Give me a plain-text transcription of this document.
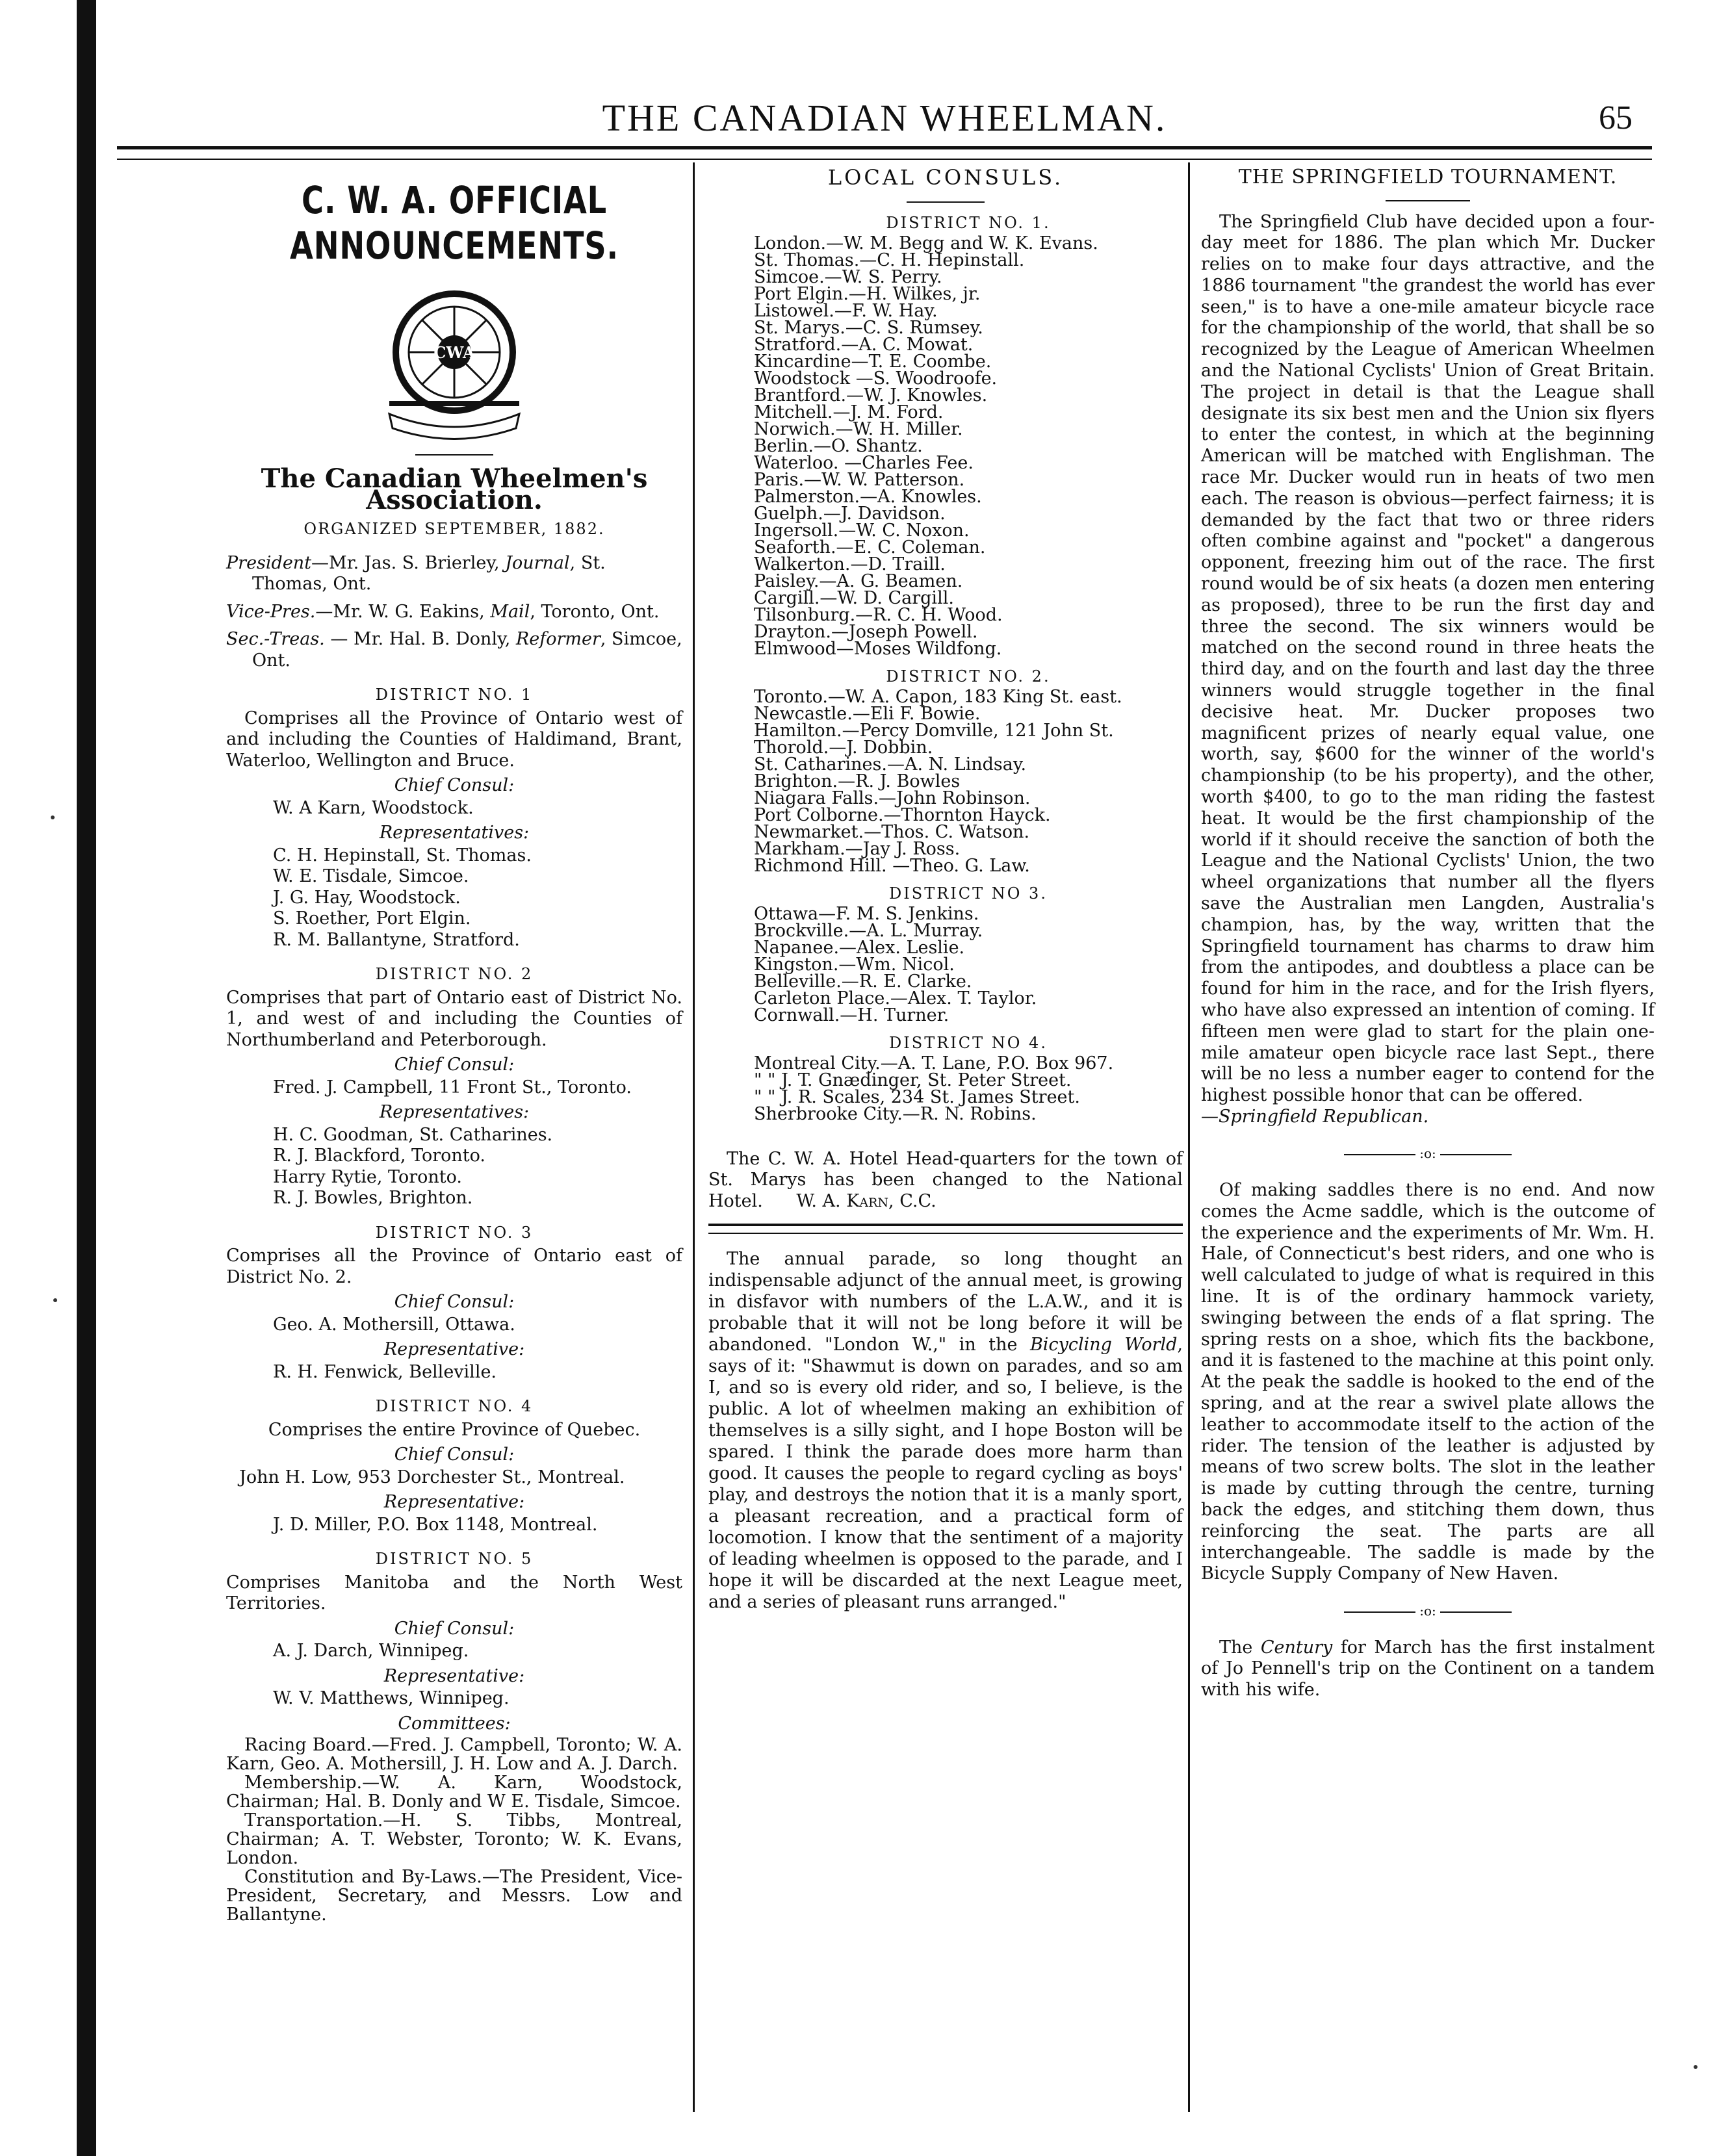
THE CANADIAN WHEELMAN.	65
C. W. A. OFFICIAL ANNOUNCEMENTS.
CWA
The Canadian Wheelmen's Association.

ORGANIZED SEPTEMBER, 1882.

President—Mr. Jas. S. Brierley, Journal, St. Thomas, Ont.

Vice-Pres.—Mr. W. G. Eakins, Mail, Toronto, Ont.

Sec.-Treas. — Mr. Hal. B. Donly, Reformer, Simcoe, Ont.

DISTRICT NO. 1

Comprises all the Province of Ontario west of and including the Counties of Haldimand, Brant, Waterloo, Wellington and Bruce.

Chief Consul:

W. A Karn, Woodstock.

Representatives:

C. H. Hepinstall, St. Thomas.

W. E. Tisdale, Simcoe.

J. G. Hay, Woodstock.

S. Roether, Port Elgin.

R. M. Ballantyne, Stratford.

DISTRICT NO. 2

Comprises that part of Ontario east of District No. 1, and west of and including the Counties of Northumberland and Peterborough.

Chief Consul:

Fred. J. Campbell, 11 Front St., Toronto.

Representatives:

H. C. Goodman, St. Catharines.

R. J. Blackford, Toronto.

Harry Rytie, Toronto.

R. J. Bowles, Brighton.

DISTRICT NO. 3

Comprises all the Province of Ontario east of District No. 2.

Chief Consul:

Geo. A. Mothersill, Ottawa.

Representative:

R. H. Fenwick, Belleville.

DISTRICT NO. 4

Comprises the entire Province of Quebec.

Chief Consul:

John H. Low, 953 Dorchester St., Montreal.

Representative:

J. D. Miller, P.O. Box 1148, Montreal.

DISTRICT NO. 5

Comprises Manitoba and the North West Territories.

Chief Consul:

A. J. Darch, Winnipeg.

Representative:

W. V. Matthews, Winnipeg.

Committees:

Racing Board.—Fred. J. Campbell, Toronto; W. A. Karn, Geo. A. Mothersill, J. H. Low and A. J. Darch.

Membership.—W. A. Karn, Woodstock, Chairman; Hal. B. Donly and W E. Tisdale, Simcoe.

Transportation.—H. S. Tibbs, Montreal, Chairman; A. T. Webster, Toronto; W. K. Evans, London.

Constitution and By-Laws.—The President, Vice-President, Secretary, and Messrs. Low and Ballantyne.

LOCAL CONSULS.

DISTRICT NO. 1.

London.—W. M. Begg and W. K. Evans.

St. Thomas.—C. H. Hepinstall.

Simcoe.—W. S. Perry.

Port Elgin.—H. Wilkes, jr.

Listowel.—F. W. Hay.

St. Marys.—C. S. Rumsey.

Stratford.—A. C. Mowat.

Kincardine—T. E. Coombe.

Woodstock —S. Woodroofe.

Brantford.—W. J. Knowles.

Mitchell.—J. M. Ford.

Norwich.—W. H. Miller.

Berlin.—O. Shantz.

Waterloo. —Charles Fee.

Paris.—W. W. Patterson.

Palmerston.—A. Knowles.

Guelph.—J. Davidson.

Ingersoll.—W. C. Noxon.

Seaforth.—E. C. Coleman.

Walkerton.—D. Traill.

Paisley.—A. G. Beamen.

Cargill.—W. D. Cargill.

Tilsonburg.—R. C. H. Wood.

Drayton.—Joseph Powell.

Elmwood—Moses Wildfong.

DISTRICT NO. 2.

Toronto.—W. A. Capon, 183 King St. east.

Newcastle.—Eli F. Bowie.

Hamilton.—Percy Domville, 121 John St.

Thorold.—J. Dobbin.

St. Catharines.—A. N. Lindsay.

Brighton.—R. J. Bowles

Niagara Falls.—John Robinson.

Port Colborne.—Thornton Hayck.

Newmarket.—Thos. C. Watson.

Markham.—Jay J. Ross.

Richmond Hill. —Theo. G. Law.

DISTRICT NO 3.

Ottawa—F. M. S. Jenkins.

Brockville.—A. L. Murray.

Napanee.—Alex. Leslie.

Kingston.—Wm. Nicol.

Belleville.—R. E. Clarke.

Carleton Place.—Alex. T. Taylor.

Cornwall.—H. Turner.

DISTRICT NO 4.

Montreal City.—A. T. Lane, P.O. Box 967.

" " J. T. Gnædinger, St. Peter Street.

" " J. R. Scales, 234 St. James Street.

Sherbrooke City.—R. N. Robins.

The C. W. A. Hotel Head-quarters for the town of St. Marys has been changed to the National Hotel. W. A. Karn, C.C.

The annual parade, so long thought an indispensable adjunct of the annual meet, is growing in disfavor with numbers of the L.A.W., and it is probable that it will not be long before it will be abandoned. "London W.," in the Bicycling World, says of it: "Shawmut is down on parades, and so am I, and so is every old rider, and so, I believe, is the public. A lot of wheelmen making an exhibition of themselves is a silly sight, and I hope Boston will be spared. I think the parade does more harm than good. It causes the people to regard cycling as boys' play, and destroys the notion that it is a manly sport, a pleasant recreation, and a practical form of locomotion. I know that the sentiment of a majority of leading wheelmen is opposed to the parade, and I hope it will be discarded at the next League meet, and a series of pleasant runs arranged."

THE SPRINGFIELD TOURNAMENT.

The Springfield Club have decided upon a four-day meet for 1886. The plan which Mr. Ducker relies on to make four days attractive, and the 1886 tournament "the grandest the world has ever seen," is to have a one-mile amateur bicycle race for the championship of the world, that shall be so recognized by the League of American Wheelmen and the National Cyclists' Union of Great Britain. The project in detail is that the League shall designate its six best men and the Union six flyers to enter the contest, in which at the beginning American will be matched with Englishman. The race Mr. Ducker would run in heats of two men each. The reason is obvious—perfect fairness; it is demanded by the fact that two or three riders often combine against and "pocket" a dangerous opponent, freezing him out of the race. The first round would be of six heats (a dozen men entering as proposed), three to be run the first day and three the second. The six winners would be matched on the second round in three heats the third day, and on the fourth and last day the three winners would struggle together in the final decisive heat. Mr. Ducker proposes two magnificent prizes of nearly equal value, one worth, say, $600 for the winner of the world's championship (to be his property), and the other, worth $400, to go to the man riding the fastest heat. It would be the first championship of the world if it should receive the sanction of both the League and the National Cyclists' Union, the two wheel organizations that number all the flyers save the Australian men Langden, Australia's champion, has, by the way, written that the Springfield tournament has charms to draw him from the antipodes, and doubtless a place can be found for him in the race, and for the Irish flyers, who have also expressed an intention of coming. If fifteen men were glad to start for the plain one-mile amateur open bicycle race last Sept., there will be no less a number eager to contend for the highest possible honor that can be offered.

—Springfield Republican.

:o:

Of making saddles there is no end. And now comes the Acme saddle, which is the outcome of the experience and the experiments of Mr. Wm. H. Hale, of Connecticut's best riders, and one who is well calculated to judge of what is required in this line. It is of the ordinary hammock variety, swinging between the ends of a flat spring. The spring rests on a shoe, which fits the backbone, and it is fastened to the machine at this point only. At the peak the saddle is hooked to the end of the spring, and at the rear a swivel plate allows the leather to accommodate itself to the action of the rider. The tension of the leather is adjusted by means of two screw bolts. The slot in the leather is made by cutting through the centre, turning back the edges, and stitching them down, thus reinforcing the seat. The parts are all interchangeable. The saddle is made by the Bicycle Supply Company of New Haven.

:o:

The Century for March has the first instalment of Jo Pennell's trip on the Continent on a tandem with his wife.
